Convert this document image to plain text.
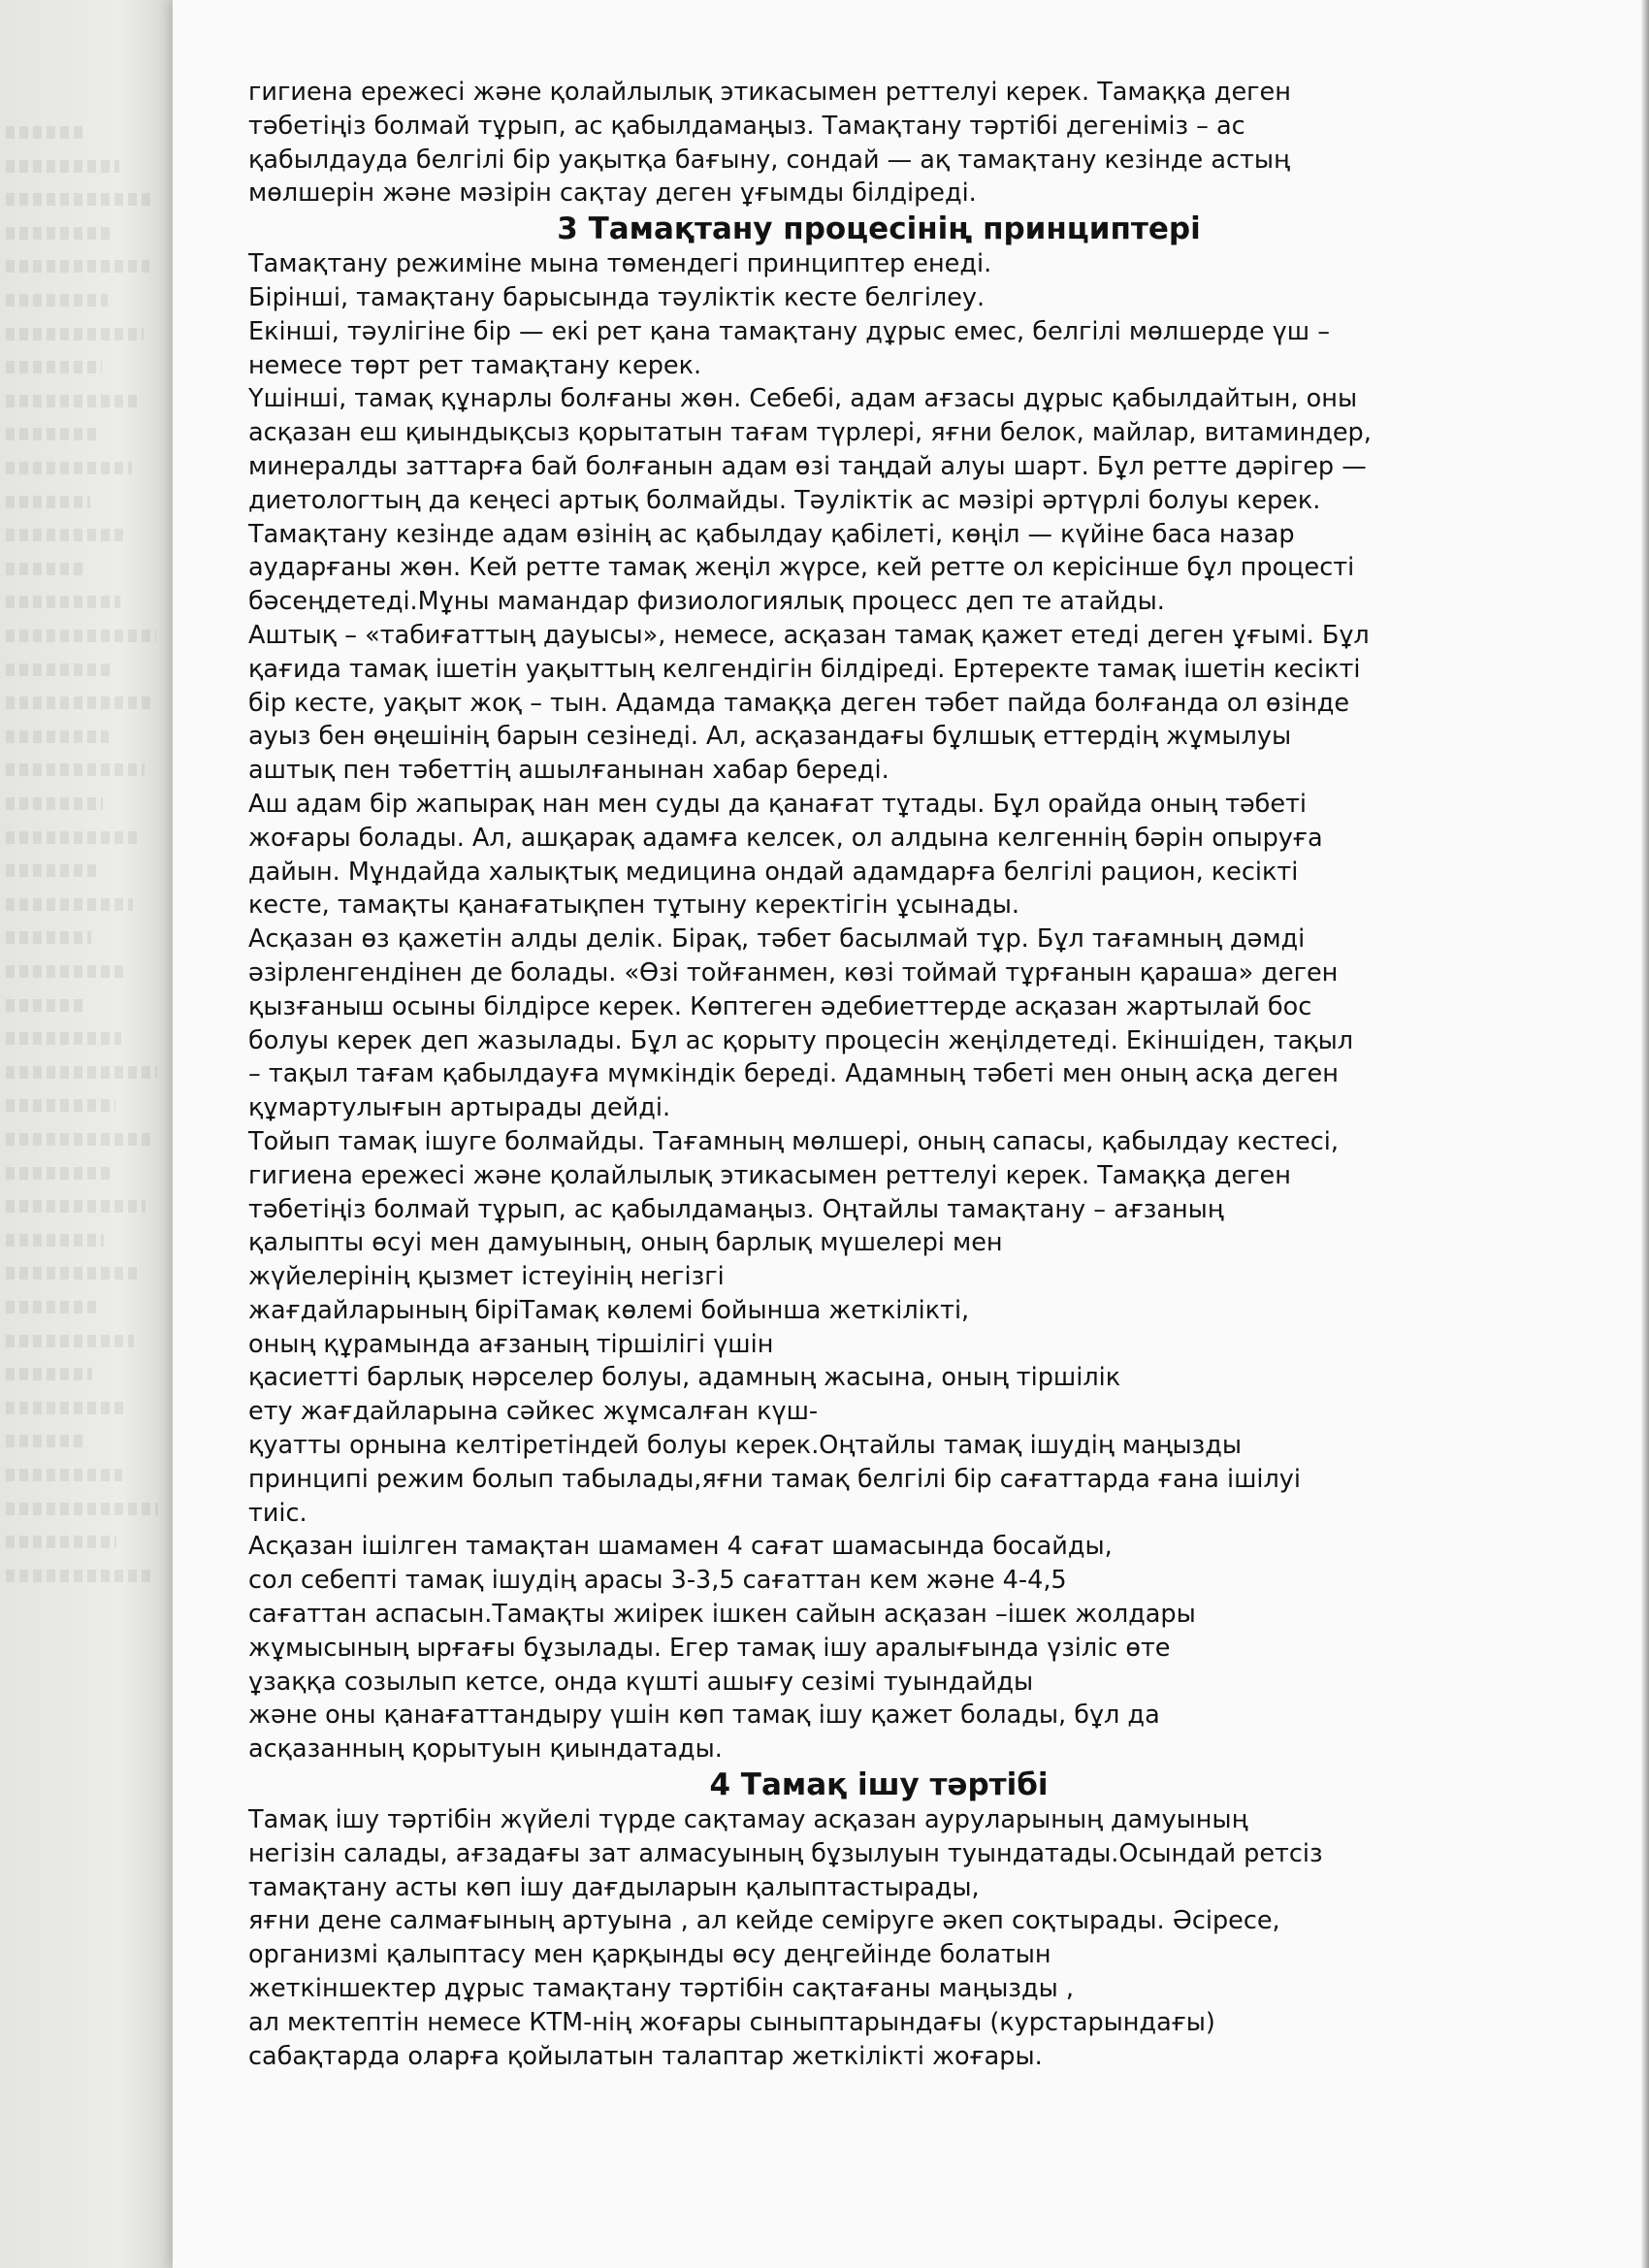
гигиена ережесі және қолайлылық этикасымен реттелуі керек. Тамаққа деген
тәбетіңіз болмай тұрып, ас қабылдамаңыз. Тамақтану тәртібі дегеніміз – ас
қабылдауда белгілі бір уақытқа бағыну, сондай — ақ тамақтану кезінде астың
мөлшерін және мәзірін сақтау деген ұғымды білдіреді.
3 Тамақтану процесінің принциптері
Тамақтану режиміне мына төмендегі принциптер енеді.
Бірінші, тамақтану барысында тәуліктік кесте белгілеу.
Екінші, тәулігіне бір — екі рет қана тамақтану дұрыс емес, белгілі мөлшерде үш –
немесе төрт рет тамақтану керек.
Үшінші, тамақ құнарлы болғаны жөн. Себебі, адам ағзасы дұрыс қабылдайтын, оны
асқазан еш қиындықсыз қорытатын тағам түрлері, яғни белок, майлар, витаминдер,
минералды заттарға бай болғанын адам өзі таңдай алуы шарт. Бұл ретте дәрігер —
диетологтың да кеңесі артық болмайды. Тәуліктік ас мәзірі әртүрлі болуы керек.
Тамақтану кезінде адам өзінің ас қабылдау қабілеті, көңіл — күйіне баса назар
аударғаны жөн. Кей ретте тамақ жеңіл жүрсе, кей ретте ол керісінше бұл процесті
бәсеңдетеді.Мұны мамандар физиологиялық процесс деп те атайды.
Аштық – «табиғаттың дауысы», немесе, асқазан тамақ қажет етеді деген ұғымі. Бұл
қағида тамақ ішетін уақыттың келгендігін білдіреді. Ертеректе тамақ ішетін кесікті
бір кесте, уақыт жоқ – тын. Адамда тамаққа деген тәбет пайда болғанда ол өзінде
ауыз бен өңешінің барын сезінеді. Ал, асқазандағы бұлшық еттердің жұмылуы
аштық пен тәбеттің ашылғанынан хабар береді.
Аш адам бір жапырақ нан мен суды да қанағат тұтады. Бұл орайда оның тәбеті
жоғары болады. Ал, ашқарақ адамға келсек, ол алдына келгеннің бәрін опыруға
дайын. Мұндайда халықтық медицина ондай адамдарға белгілі рацион, кесікті
кесте, тамақты қанағатықпен тұтыну керектігін ұсынады.
Асқазан өз қажетін алды делік. Бірақ, тәбет басылмай тұр. Бұл тағамның дәмді
әзірленгендінен де болады. «Өзі тойғанмен, көзі тоймай тұрғанын қараша» деген
қызғаныш осыны білдірсе керек. Көптеген әдебиеттерде асқазан жартылай бос
болуы керек деп жазылады. Бұл ас қорыту процесін жеңілдетеді. Екіншіден, тақыл
– тақыл тағам қабылдауға мүмкіндік береді. Адамның тәбеті мен оның асқа деген
құмартулығын артырады дейді.
Тойып тамақ ішуге болмайды. Тағамның мөлшері, оның сапасы, қабылдау кестесі,
гигиена ережесі және қолайлылық этикасымен реттелуі керек. Тамаққа деген
тәбетіңіз болмай тұрып, ас қабылдамаңыз. Оңтайлы тамақтану – ағзаның
қалыпты өсуі мен дамуының, оның барлық мүшелері мен
жүйелерінің қызмет істеуінің негізгі
жағдайларының біріТамақ көлемі бойынша жеткілікті,
оның құрамында ағзаның тіршілігі үшін
қасиетті барлық нәрселер болуы, адамның жасына, оның тіршілік
ету жағдайларына сәйкес жұмсалған күш-
қуатты орнына келтіретіндей болуы керек.Оңтайлы тамақ ішудің маңызды
принципі режим болып табылады,яғни тамақ белгілі бір сағаттарда ғана ішілуі
тиіс.
Асқазан ішілген тамақтан шамамен 4 сағат шамасында босайды,
сол себепті тамақ ішудің арасы 3-3,5 сағаттан кем және 4-4,5
сағаттан аспасын.Тамақты жиірек ішкен сайын асқазан –ішек жолдары
жұмысының ырғағы бұзылады. Егер тамақ ішу аралығында үзіліс өте
ұзаққа созылып кетсе, онда күшті ашығу сезімі туындайды
және оны қанағаттандыру үшін көп тамақ ішу қажет болады, бұл да
асқазанның қорытуын қиындатады.
4 Тамақ ішу тәртібі
Тамақ ішу тәртібін жүйелі түрде сақтамау асқазан ауруларының дамуының
негізін салады, ағзадағы зат алмасуының бұзылуын туындатады.Осындай ретсіз
тамақтану асты көп ішу дағдыларын қалыптастырады,
яғни дене салмағының артуына , ал кейде семіруге әкеп соқтырады. Әсіресе,
организмі қалыптасу мен қарқынды өсу деңгейінде болатын
жеткіншектер дұрыс тамақтану тәртібін сақтағаны маңызды ,
ал мектептін немесе КТМ-нің жоғары сыныптарындағы (курстарындағы)
сабақтарда оларға қойылатын талаптар жеткілікті жоғары.
